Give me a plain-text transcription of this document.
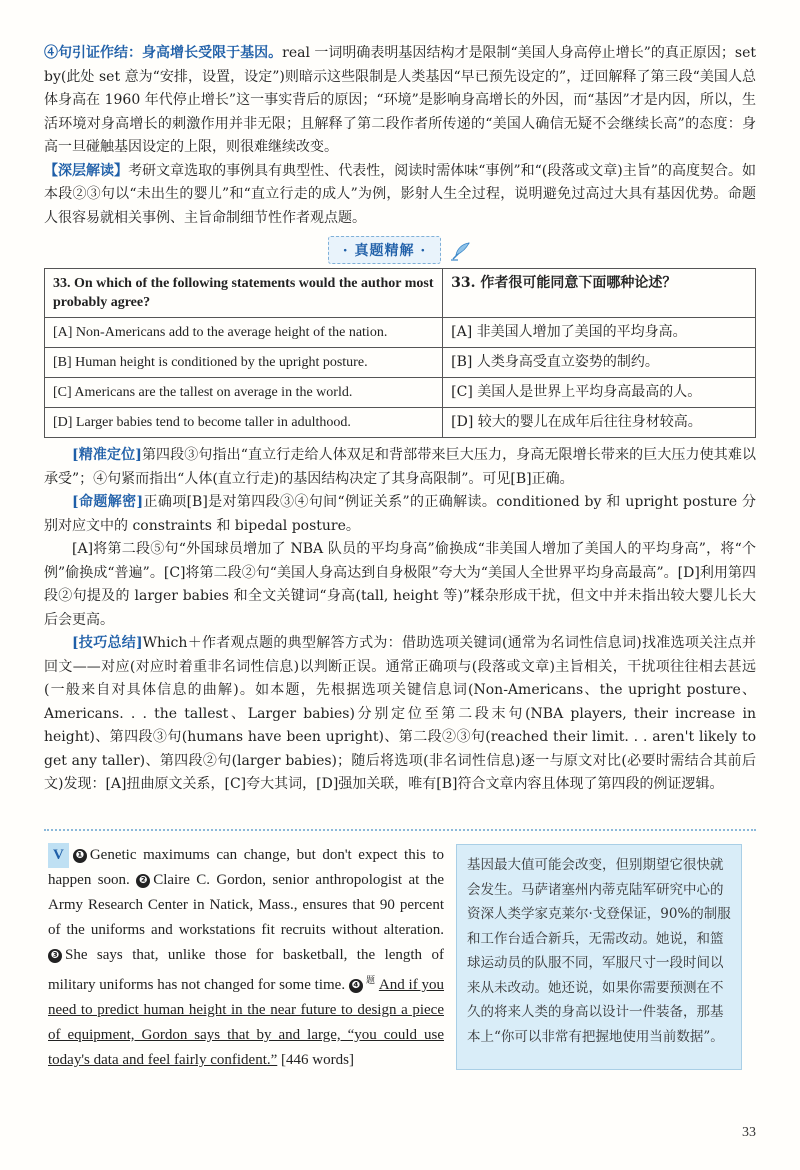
④句引证作结：身高增长受限于基因。real 一词明确表明基因结构才是限制“美国人身高停止增长”的真正原因；set by(此处 set 意为“安排，设置，设定”)则暗示这些限制是人类基因“早已预先设定的”，迂回解释了第三段“美国人总体身高在 1960 年代停止增长”这一事实背后的原因；“环境”是影响身高增长的外因，而“基因”才是内因，所以，生活环境对身高增长的刺激作用并非无限；且解释了第二段作者所传递的“美国人确信无疑不会继续长高”的态度：身高一旦碰触基因设定的上限，则很难继续改变。

【深层解读】考研文章选取的事例具有典型性、代表性，阅读时需体味“事例”和“(段落或文章)主旨”的高度契合。如本段②③句以“未出生的婴儿”和“直立行走的成人”为例，影射人生全过程，说明避免过高过大具有基因优势。命题人很容易就相关事例、主旨命制细节性作者观点题。

· 真题精解 ·
33. On which of the following statements would the author most probably agree?	33. 作者很可能同意下面哪种论述？
[A] Non-Americans add to the average height of the nation.	[A] 非美国人增加了美国的平均身高。
[B] Human height is conditioned by the upright posture.	[B] 人类身高受直立姿势的制约。
[C] Americans are the tallest on average in the world.	[C] 美国人是世界上平均身高最高的人。
[D] Larger babies tend to become taller in adulthood.	[D] 较大的婴儿在成年后往往身材较高。

[精准定位]第四段③句指出“直立行走给人体双足和背部带来巨大压力，身高无限增长带来的巨大压力使其难以承受”；④句紧而指出“人体(直立行走)的基因结构决定了其身高限制”。可见[B]正确。

[命题解密]正确项[B]是对第四段③④句间“例证关系”的正确解读。conditioned by 和 upright posture 分别对应文中的 constraints 和 bipedal posture。

[A]将第二段⑤句“外国球员增加了 NBA 队员的平均身高”偷换成“非美国人增加了美国人的平均身高”，将“个例”偷换成“普遍”。[C]将第二段②句“美国人身高达到自身极限”夸大为“美国人全世界平均身高最高”。[D]利用第四段②句提及的 larger babies 和全文关键词“身高(tall, height 等)”糅杂形成干扰，但文中并未指出较大婴儿长大后会更高。

[技巧总结]Which＋作者观点题的典型解答方式为：借助选项关键词(通常为名词性信息词)找准选项关注点并回文——对应(对应时着重非名词性信息)以判断正误。通常正确项与(段落或文章)主旨相关，干扰项往往相去甚远(一般来自对具体信息的曲解)。如本题，先根据选项关键信息词(Non-Americans、the upright posture、Americans. . . the tallest、Larger babies)分别定位至第二段末句(NBA players, their increase in height)、第四段③句(humans have been upright)、第二段②③句(reached their limit. . . aren't likely to get any taller)、第四段②句(larger babies)；随后将选项(非名词性信息)逐一与原文对比(必要时需结合其前后文)发现：[A]扭曲原文关系，[C]夸大其词，[D]强加关联，唯有[B]符合文章内容且体现了第四段的例证逻辑。

V ❶ Genetic maximums can change, but don't expect this to happen soon. ❷ Claire C. Gordon, senior anthropologist at the Army Research Center in Natick, Mass., ensures that 90 percent of the uniforms and workstations fit recruits without alteration. ❸ She says that, unlike those for basketball, the length of military uniforms has not changed for some time. ❹ $^题$ And if you need to predict human height in the near future to design a piece of equipment, Gordon says that by and large, “you could use today's data and feel fairly confident.” [446 words]
基因最大值可能会改变，但别期望它很快就会发生。马萨诸塞州内蒂克陆军研究中心的资深人类学家克莱尔·戈登保证，90%的制服和工作台适合新兵，无需改动。她说，和篮球运动员的队服不同，军服尺寸一段时间以来从未改动。她还说，如果你需要预测在不久的将来人类的身高以设计一件装备，那基本上“你可以非常有把握地使用当前数据”。
33
